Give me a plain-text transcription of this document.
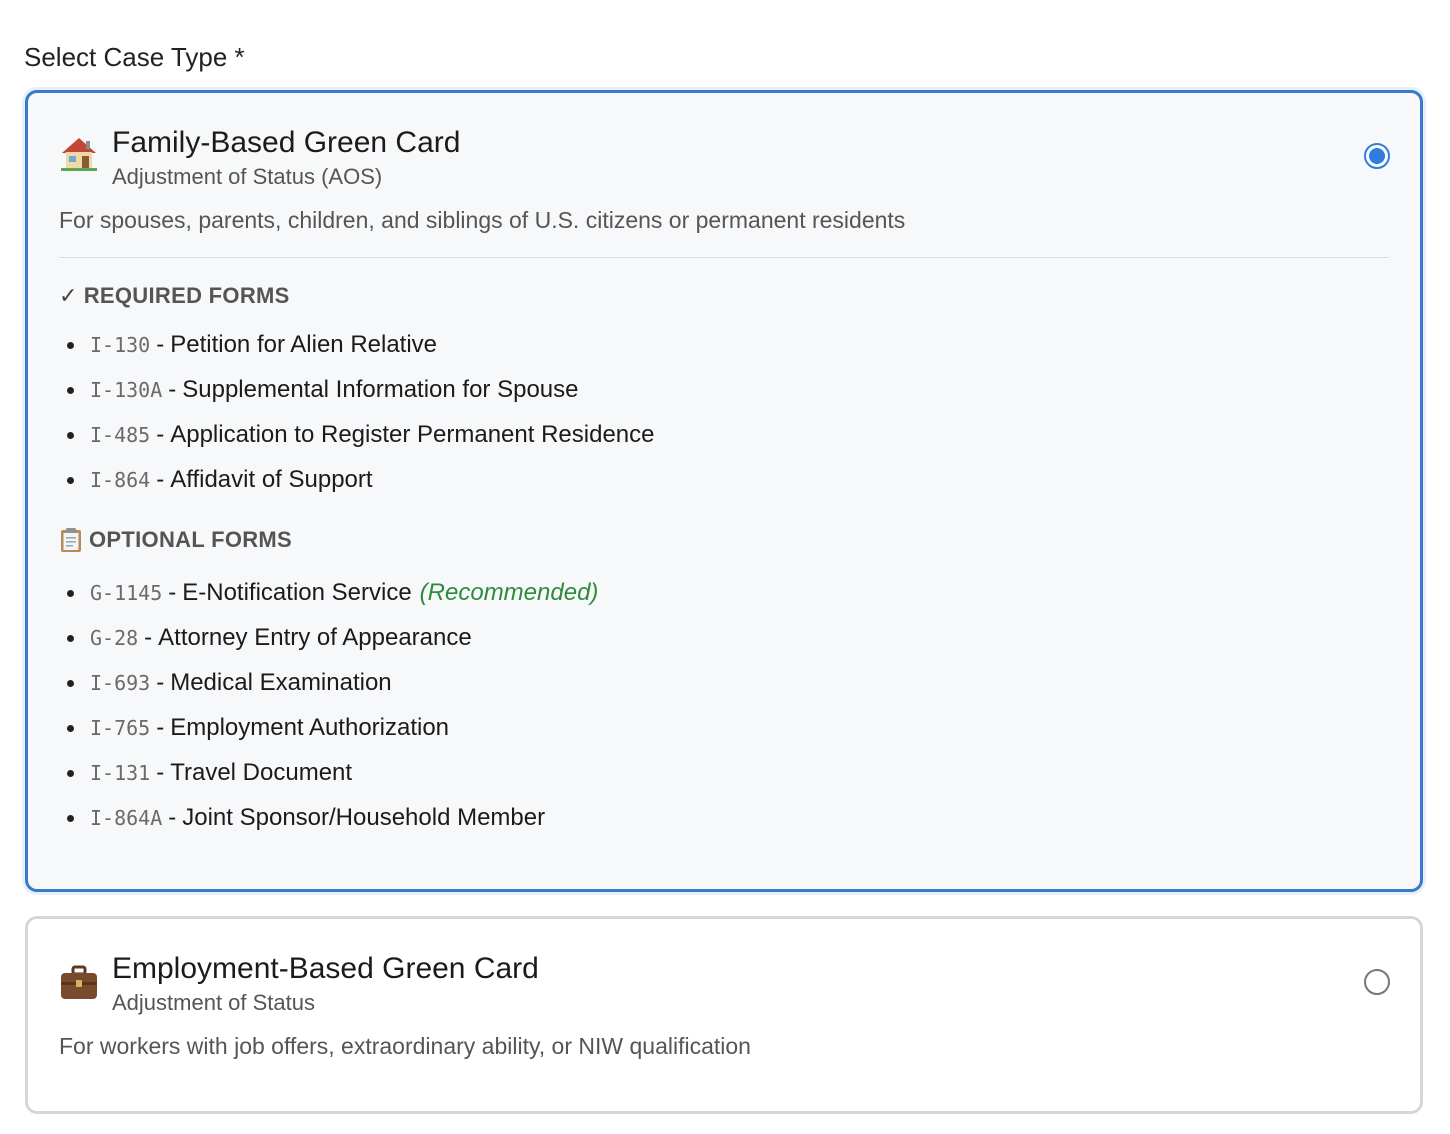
Select Case Type *
Family-Based Green Card
Adjustment of Status (AOS)
For spouses, parents, children, and siblings of U.S. citizens or permanent residents
✓ REQUIRED FORMS
I-130 - Petition for Alien Relative
I-130A - Supplemental Information for Spouse
I-485 - Application to Register Permanent Residence
I-864 - Affidavit of Support
OPTIONAL FORMS
G-1145 - E-Notification Service (Recommended)
G-28 - Attorney Entry of Appearance
I-693 - Medical Examination
I-765 - Employment Authorization
I-131 - Travel Document
I-864A - Joint Sponsor/Household Member
Employment-Based Green Card
Adjustment of Status
For workers with job offers, extraordinary ability, or NIW qualification
